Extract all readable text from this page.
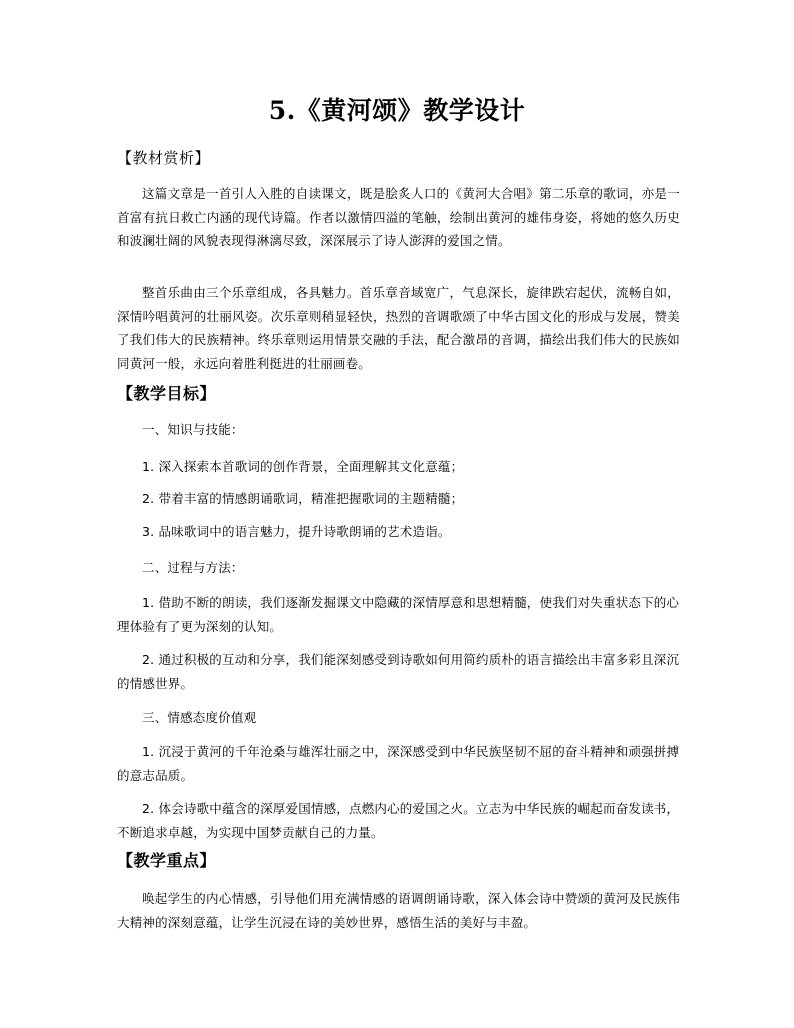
5.《黄河颂》教学设计
【教材赏析】
这篇文章是一首引人入胜的自读课文，既是脍炙人口的《黄河大合唱》第二乐章的歌词，亦是一首富有抗日救亡内涵的现代诗篇。作者以激情四溢的笔触，绘制出黄河的雄伟身姿，将她的悠久历史和波澜壮阔的风貌表现得淋漓尽致，深深展示了诗人澎湃的爱国之情。
整首乐曲由三个乐章组成，各具魅力。首乐章音域宽广，气息深长，旋律跌宕起伏，流畅自如，深情吟唱黄河的壮丽风姿。次乐章则稍显轻快，热烈的音调歌颂了中华古国文化的形成与发展，赞美了我们伟大的民族精神。终乐章则运用情景交融的手法，配合激昂的音调，描绘出我们伟大的民族如同黄河一般，永远向着胜利挺进的壮丽画卷。
【教学目标】
一、知识与技能：
1. 深入探索本首歌词的创作背景，全面理解其文化意蕴；
2. 带着丰富的情感朗诵歌词，精准把握歌词的主题精髓；
3. 品味歌词中的语言魅力，提升诗歌朗诵的艺术造诣。
二、过程与方法：
1. 借助不断的朗读，我们逐渐发掘课文中隐藏的深情厚意和思想精髓，使我们对失重状态下的心理体验有了更为深刻的认知。
2. 通过积极的互动和分享，我们能深刻感受到诗歌如何用简约质朴的语言描绘出丰富多彩且深沉的情感世界。
三、情感态度价值观
1. 沉浸于黄河的千年沧桑与雄浑壮丽之中，深深感受到中华民族坚韧不屈的奋斗精神和顽强拼搏的意志品质。
2. 体会诗歌中蕴含的深厚爱国情感，点燃内心的爱国之火。立志为中华民族的崛起而奋发读书，不断追求卓越，为实现中国梦贡献自己的力量。
【教学重点】
唤起学生的内心情感，引导他们用充满情感的语调朗诵诗歌，深入体会诗中赞颂的黄河及民族伟大精神的深刻意蕴，让学生沉浸在诗的美妙世界，感悟生活的美好与丰盈。
